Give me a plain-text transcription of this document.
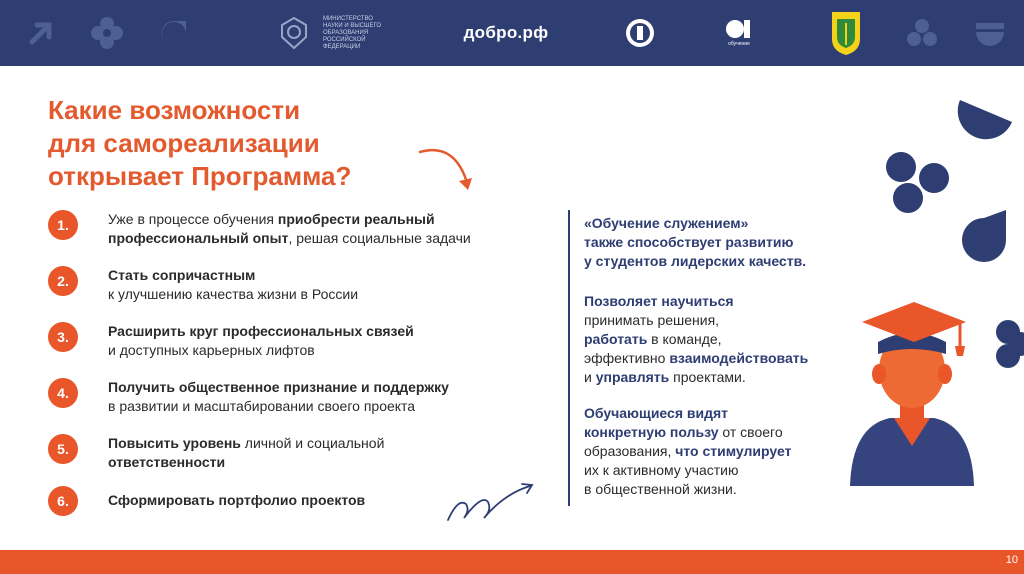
МИНИСТЕРСТВО НАУКИ И ВЫСШЕГО ОБРАЗОВАНИЯ РОССИЙСКОЙ ФЕДЕРАЦИИ
добро.рф
обучение
Какие возможности
для самореализации
открывает Программа?
1.	Уже в процессе обучения приобрести реальный
профессиональный опыт, решая социальные задачи
2.	Стать сопричастным
к улучшению качества жизни в России
3.	Расширить круг профессиональных связей
и доступных карьерных лифтов
4.	Получить общественное признание и поддержку
в развитии и масштабировании своего проекта
5.	Повысить уровень личной и социальной
ответственности
6.	Сформировать портфолио проектов
«Обучение служением»
также способствует развитию
у студентов лидерских качеств.
Позволяет научиться
принимать решения,
работать в команде,
эффективно взаимодействовать
и управлять проектами.
Обучающиеся видят
конкретную пользу от своего
образования, что стимулирует
их к активному участию
в общественной жизни.
10
